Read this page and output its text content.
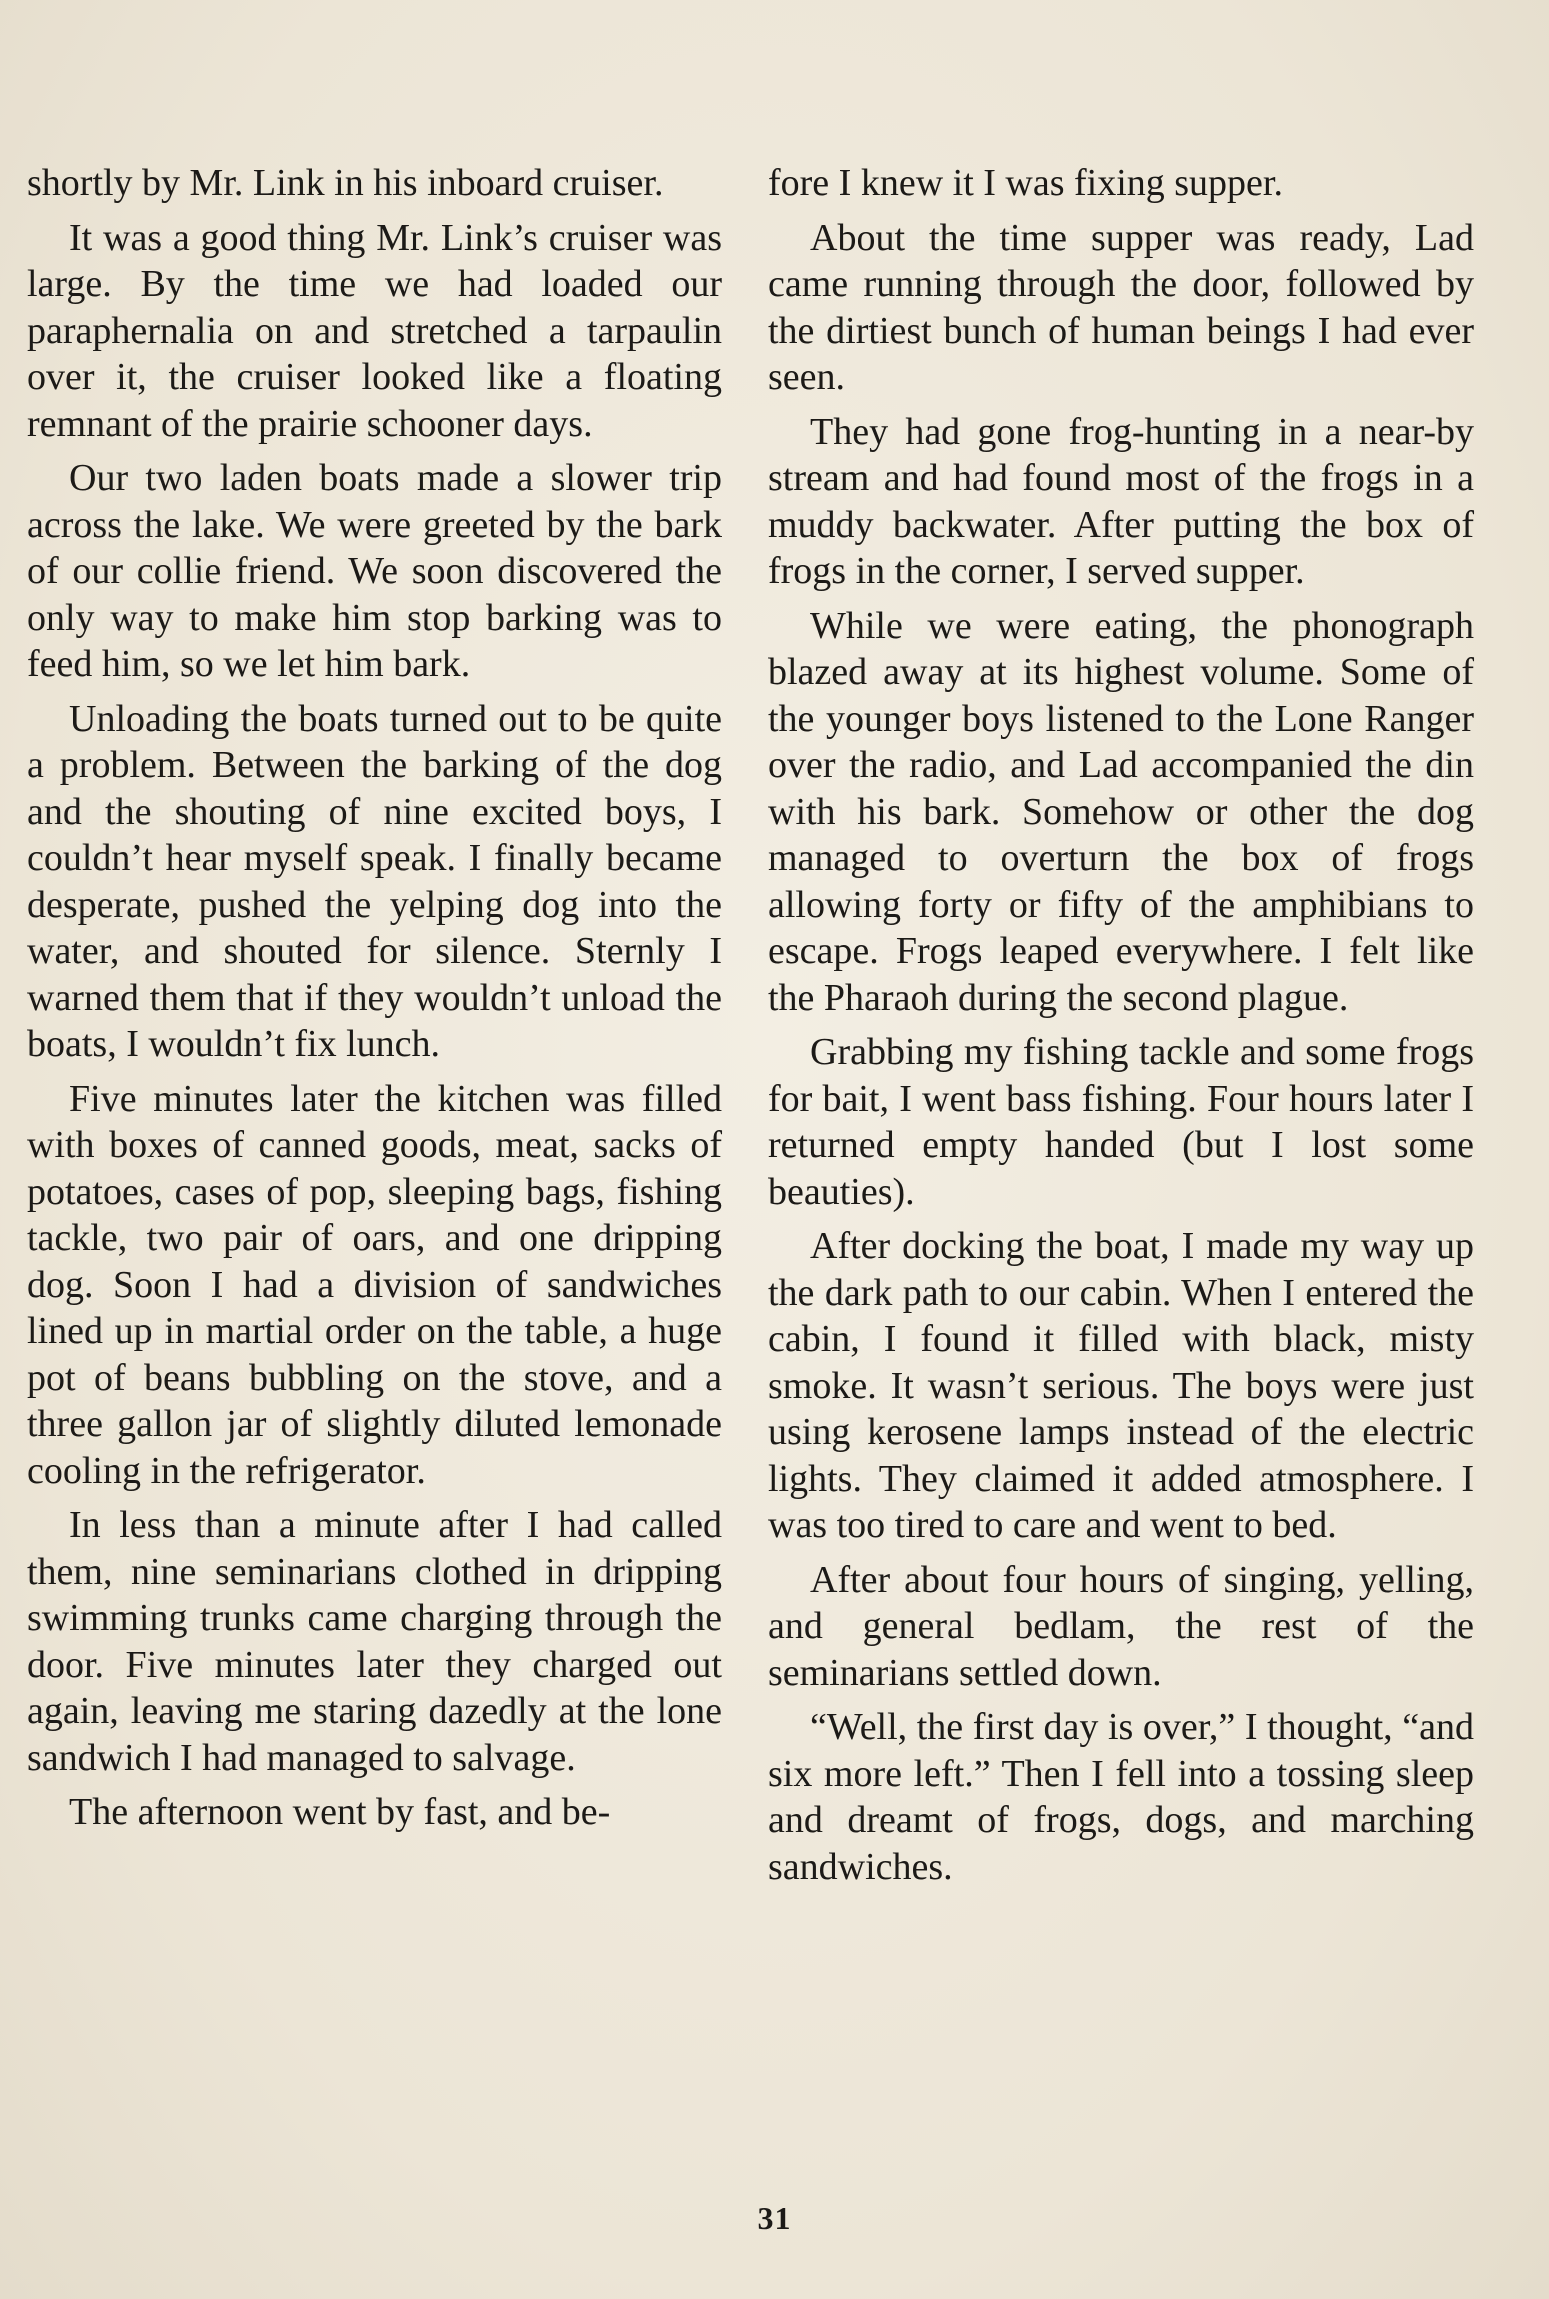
shortly by Mr. Link in his inboard cruiser.

It was a good thing Mr. Link’s cruiser was large. By the time we had loaded our paraphernalia on and stretched a tarpaulin over it, the cruiser looked like a floating remnant of the prairie schooner days.

Our two laden boats made a slower trip across the lake. We were greeted by the bark of our collie friend. We soon discovered the only way to make him stop barking was to feed him, so we let him bark.

Unloading the boats turned out to be quite a problem. Between the barking of the dog and the shouting of nine excited boys, I couldn’t hear myself speak. I finally became desperate, pushed the yelping dog into the water, and shouted for silence. Sternly I warned them that if they wouldn’t unload the boats, I wouldn’t fix lunch.

Five minutes later the kitchen was filled with boxes of canned goods, meat, sacks of potatoes, cases of pop, sleeping bags, fishing tackle, two pair of oars, and one dripping dog. Soon I had a division of sandwiches lined up in martial order on the table, a huge pot of beans bubbling on the stove, and a three gallon jar of slightly diluted lemonade cooling in the refrigerator.

In less than a minute after I had called them, nine seminarians clothed in dripping swimming trunks came charging through the door. Five minutes later they charged out again, leaving me staring dazedly at the lone sandwich I had managed to salvage.

The afternoon went by fast, and be-

fore I knew it I was fixing supper.

About the time supper was ready, Lad came running through the door, followed by the dirtiest bunch of human beings I had ever seen.

They had gone frog-hunting in a near-by stream and had found most of the frogs in a muddy backwater. After putting the box of frogs in the corner, I served supper.

While we were eating, the phonograph blazed away at its highest volume. Some of the younger boys listened to the Lone Ranger over the radio, and Lad accompanied the din with his bark. Somehow or other the dog managed to overturn the box of frogs allowing forty or fifty of the amphibians to escape. Frogs leaped everywhere. I felt like the Pharaoh during the second plague.

Grabbing my fishing tackle and some frogs for bait, I went bass fishing. Four hours later I returned empty handed (but I lost some beauties).

After docking the boat, I made my way up the dark path to our cabin. When I entered the cabin, I found it filled with black, misty smoke. It wasn’t serious. The boys were just using kerosene lamps instead of the electric lights. They claimed it added atmosphere. I was too tired to care and went to bed.

After about four hours of singing, yelling, and general bedlam, the rest of the seminarians settled down.

“Well, the first day is over,” I thought, “and six more left.” Then I fell into a tossing sleep and dreamt of frogs, dogs, and marching sandwiches.

31
